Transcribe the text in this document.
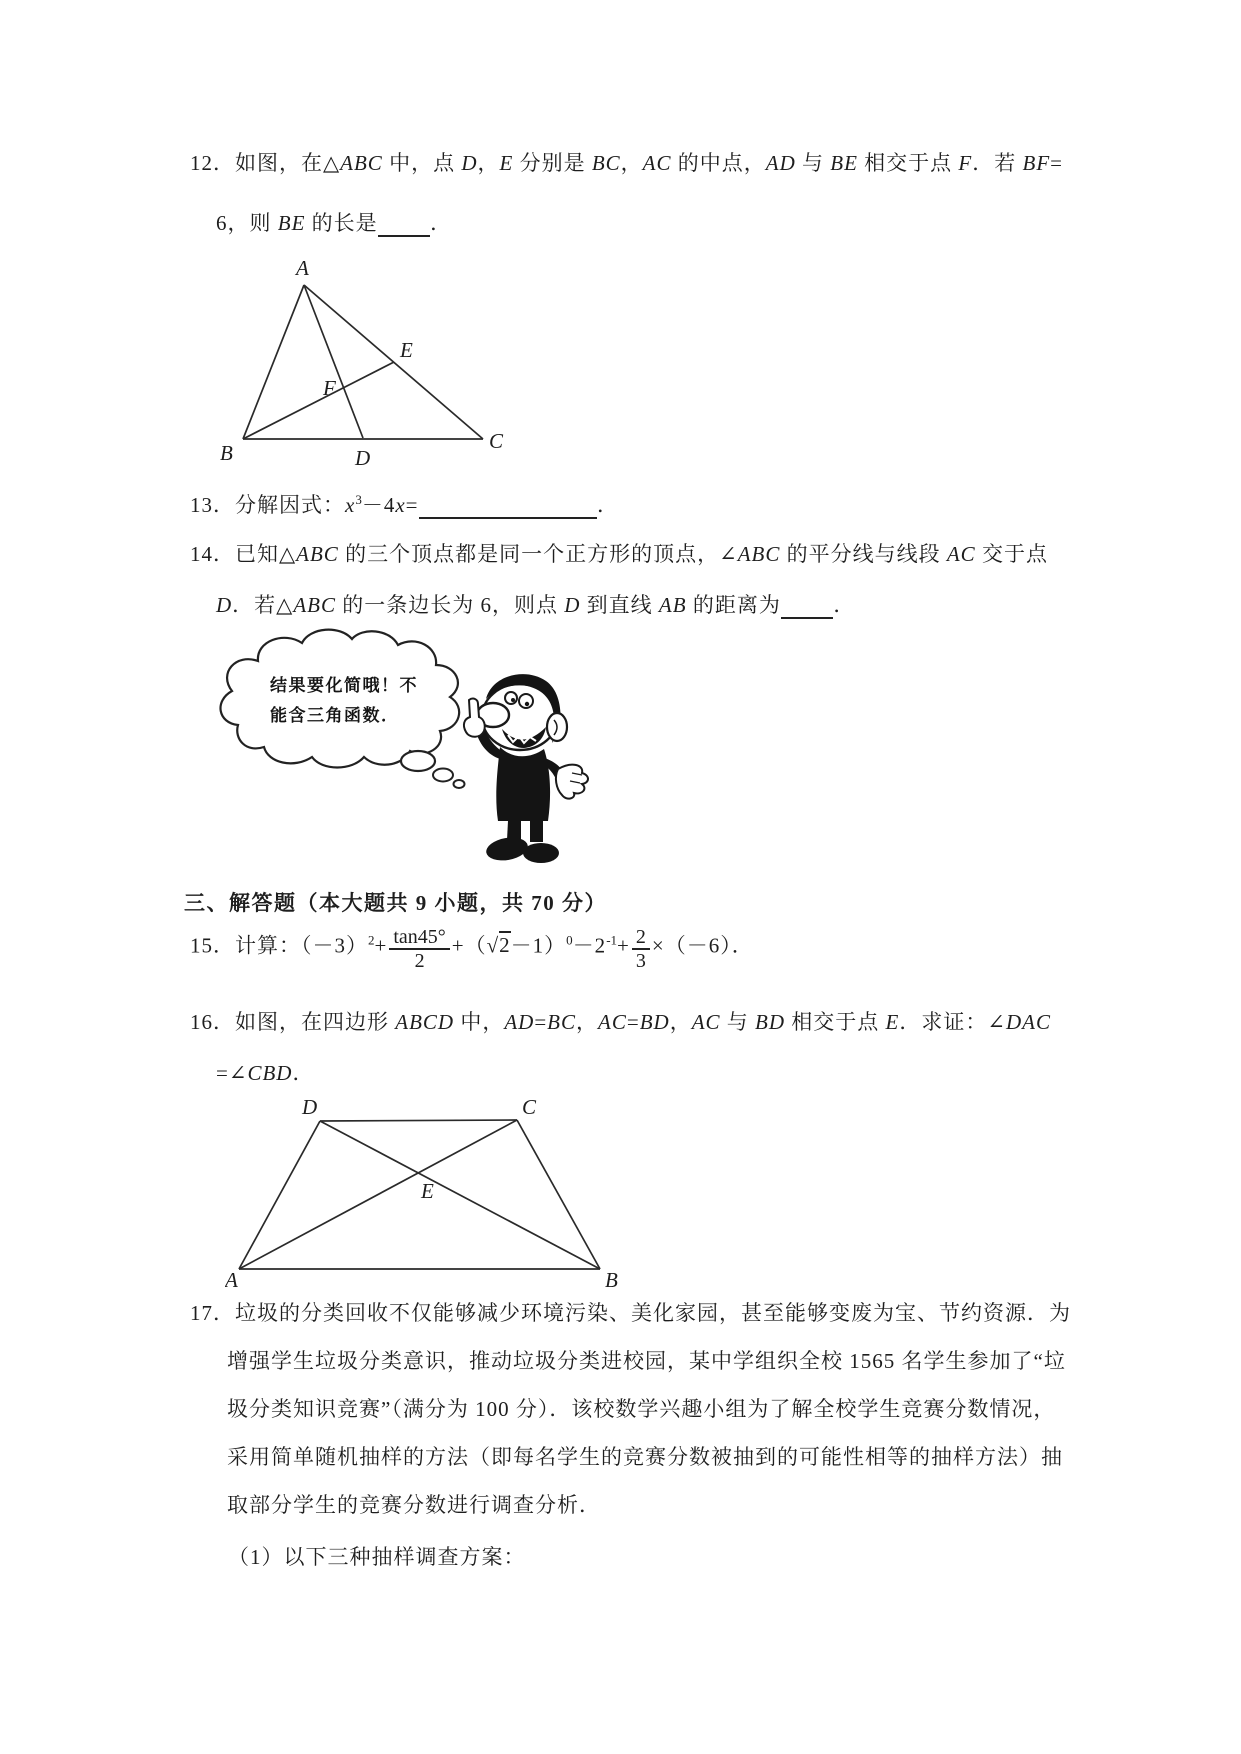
12．如图，在△ABC 中，点 D，E 分别是 BC，AC 的中点，AD 与 BE 相交于点 F．若 BF=
6，则 BE 的长是	．
A
B	C
D
E
F
13．分解因式：$x^3-4x=$	．
14．已知△ABC 的三个顶点都是同一个正方形的顶点，∠ABC 的平分线与线段 AC 交于点
D．若△ABC 的一条边长为 6，则点 D 到直线 AB 的距离为	．
结果要化简哦！不
能含三角函数．
三、解答题（本大题共 9 小题，共 70 分）
15．计算：$(-3)^2+ \frac{\tan 45^\circ}{2} +(√2-1)^0-2^{-1}+ \frac{2}{3} \times(-6)$．
16．如图，在四边形 ABCD 中，AD=BC，AC=BD，AC 与 BD 相交于点 E．求证：∠DAC
=∠CBD．
A	B
C
D
E
17．垃圾的分类回收不仅能够减少环境污染、美化家园，甚至能够变废为宝、节约资源．为
增强学生垃圾分类意识，推动垃圾分类进校园，某中学组织全校 1565 名学生参加了“垃
圾分类知识竞赛”（满分为 100 分）．该校数学兴趣小组为了解全校学生竞赛分数情况，
采用简单随机抽样的方法（即每名学生的竞赛分数被抽到的可能性相等的抽样方法）抽
取部分学生的竞赛分数进行调查分析．
（1）以下三种抽样调查方案：
